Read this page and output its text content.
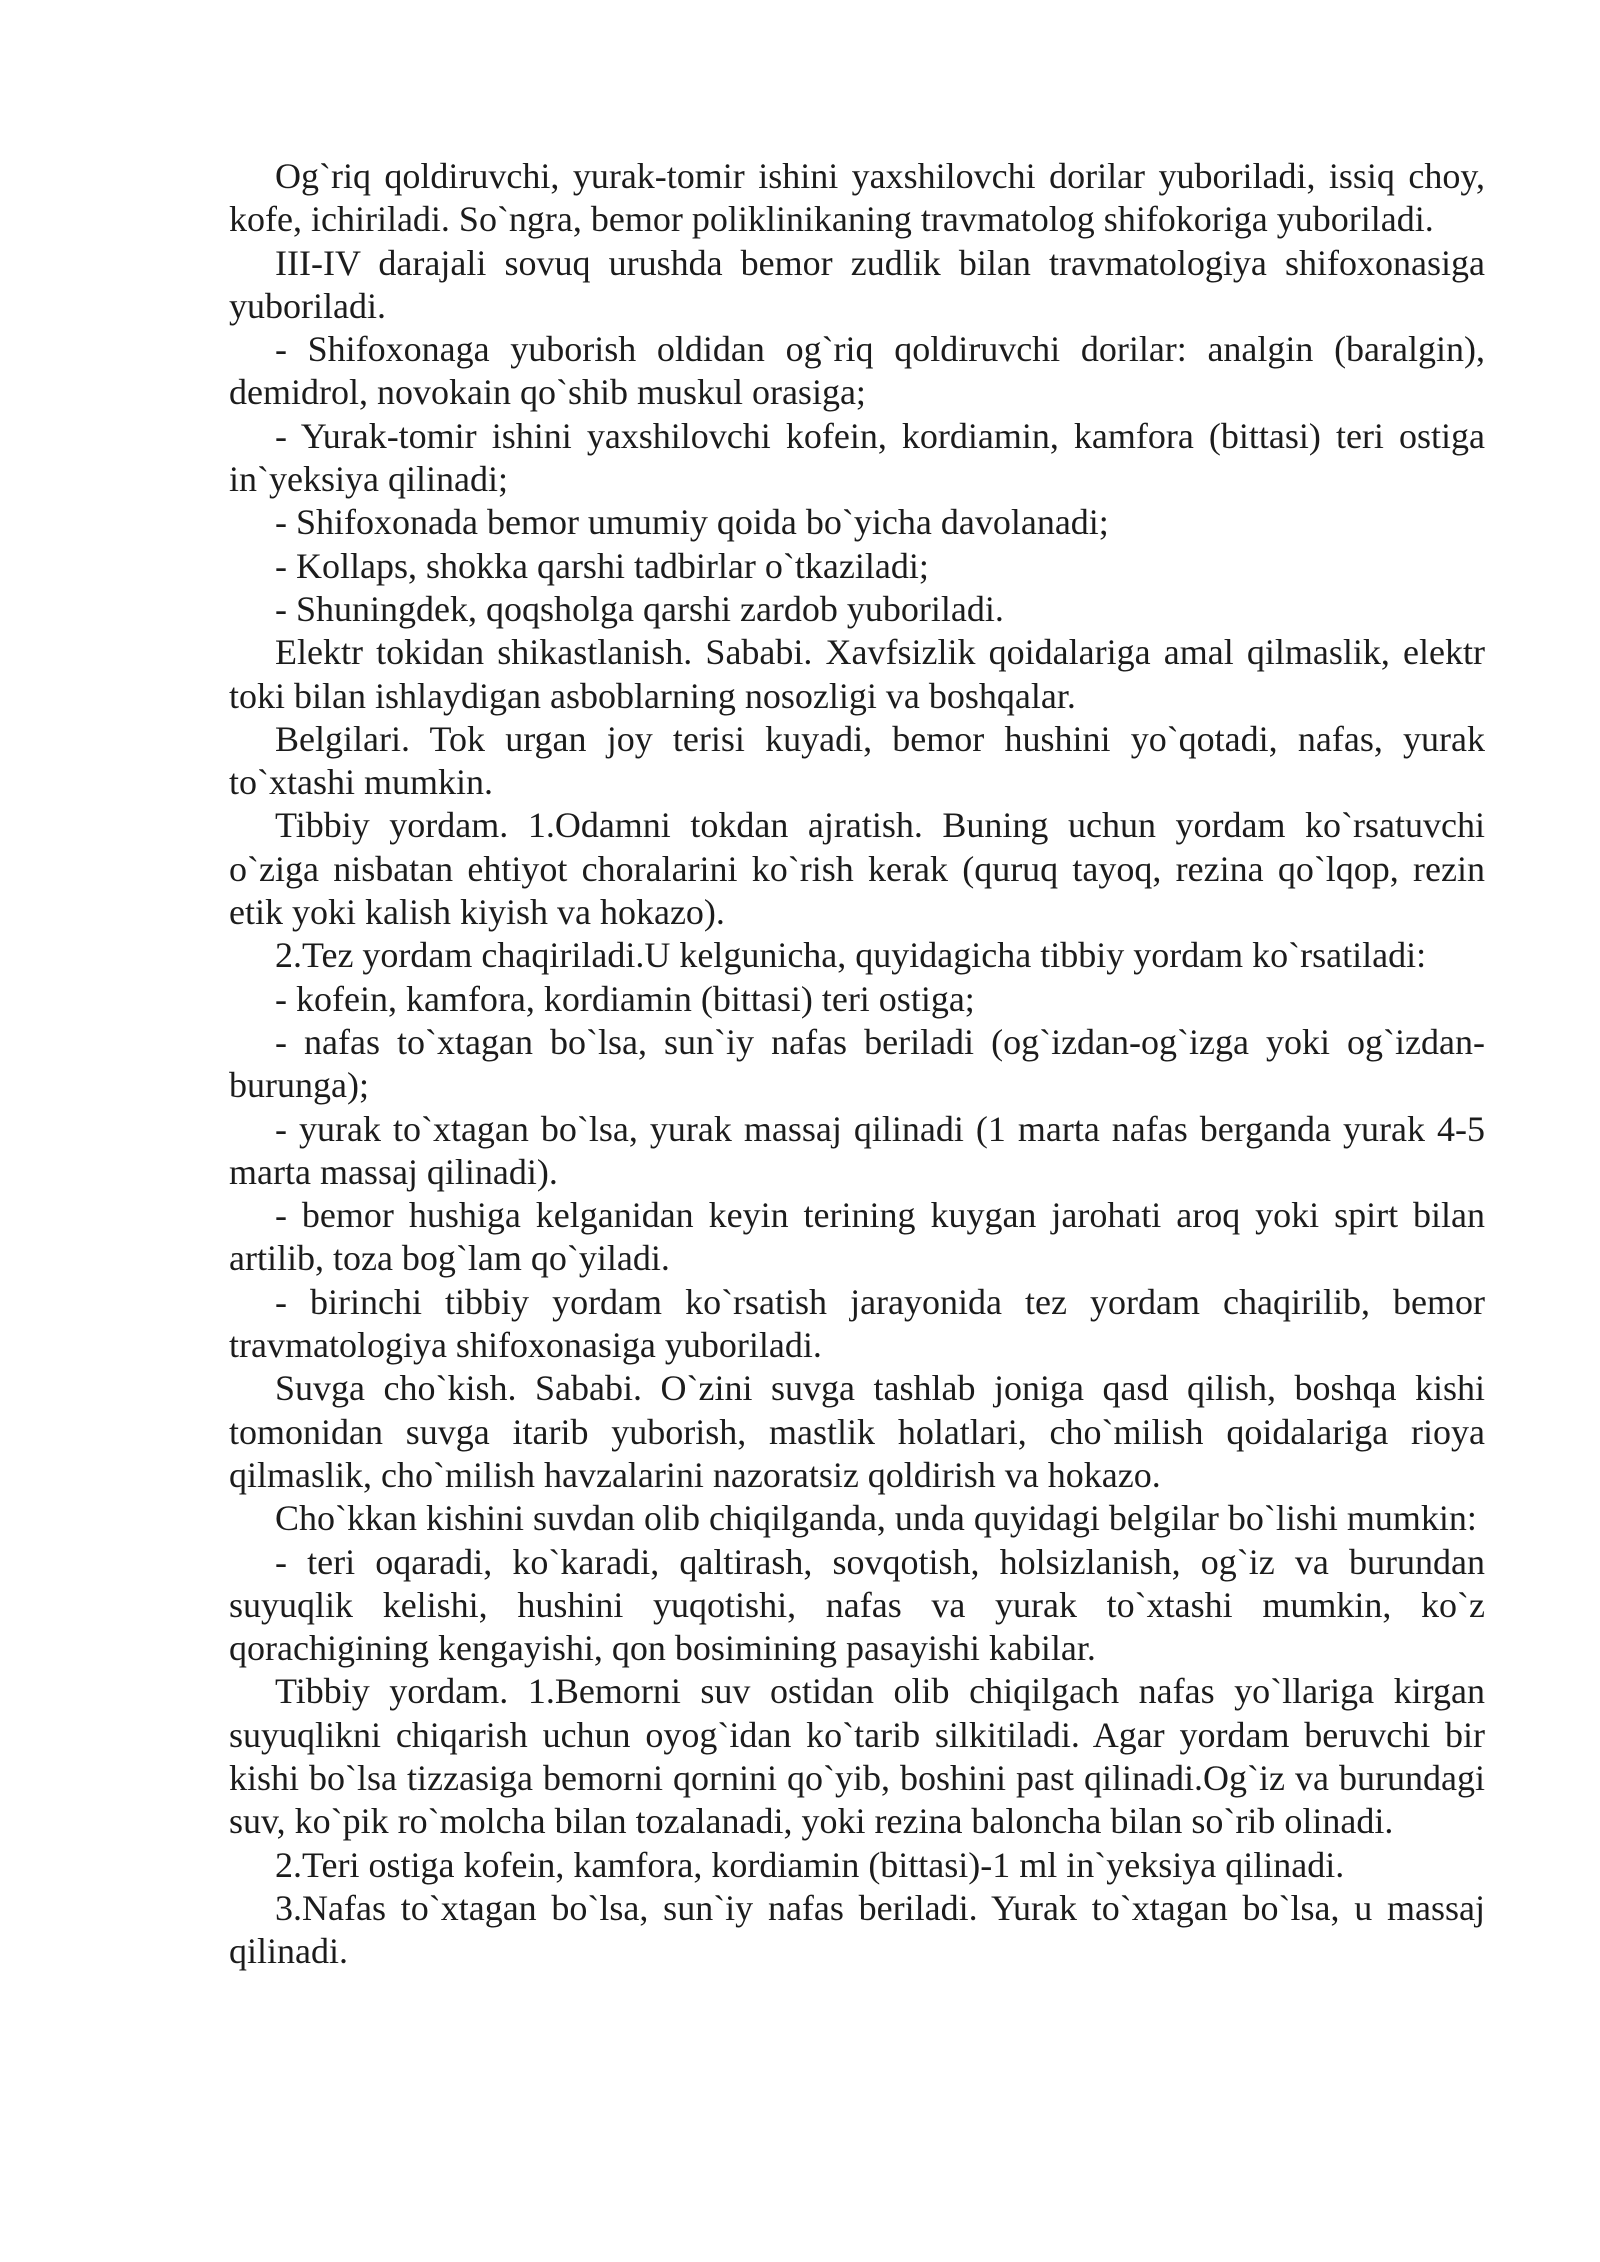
Og`riq qoldiruvchi, yurak-tomir ishini yaxshilovchi dorilar yuboriladi, issiq choy, kofe, ichiriladi. So`ngra, bemor poliklinikaning travmatolog shifokoriga yuboriladi.

III-IV darajali sovuq urushda bemor zudlik bilan travmatologiya shifoxonasiga yuboriladi.

- Shifoxonaga yuborish oldidan og`riq qoldiruvchi dorilar: analgin (baralgin), demidrol, novokain qo`shib muskul orasiga;

- Yurak-tomir ishini yaxshilovchi kofein, kordiamin, kamfora (bittasi) teri ostiga in`yeksiya qilinadi;

- Shifoxonada bemor umumiy qoida bo`yicha davolanadi;

- Kollaps, shokka qarshi tadbirlar o`tkaziladi;

- Shuningdek, qoqsholga qarshi zardob yuboriladi.

Elektr tokidan shikastlanish. Sababi. Xavfsizlik qoidalariga amal qilmaslik, elektr toki bilan ishlaydigan asboblarning nosozligi va boshqalar.

Belgilari. Tok urgan joy terisi kuyadi, bemor hushini yo`qotadi, nafas, yurak to`xtashi mumkin.

Tibbiy yordam. 1.Odamni tokdan ajratish. Buning uchun yordam ko`rsatuvchi o`ziga nisbatan ehtiyot choralarini ko`rish kerak (quruq tayoq, rezina qo`lqop, rezin etik yoki kalish kiyish va hokazo).

2.Tez yordam chaqiriladi.U kelgunicha, quyidagicha tibbiy yordam ko`rsatiladi:

- kofein, kamfora, kordiamin (bittasi) teri ostiga;

- nafas to`xtagan bo`lsa, sun`iy nafas beriladi (og`izdan-og`izga yoki og`izdan-burunga);

- yurak to`xtagan bo`lsa, yurak massaj qilinadi (1 marta nafas berganda yurak 4-5 marta massaj qilinadi).

- bemor hushiga kelganidan keyin terining kuygan jarohati aroq yoki spirt bilan artilib, toza bog`lam qo`yiladi.

- birinchi tibbiy yordam ko`rsatish jarayonida tez yordam chaqirilib, bemor travmatologiya shifoxonasiga yuboriladi.

Suvga cho`kish. Sababi. O`zini suvga tashlab joniga qasd qilish, boshqa kishi tomonidan suvga itarib yuborish, mastlik holatlari, cho`milish qoidalariga rioya qilmaslik, cho`milish havzalarini nazoratsiz qoldirish va hokazo.

Cho`kkan kishini suvdan olib chiqilganda, unda quyidagi belgilar bo`lishi mumkin:

- teri oqaradi, ko`karadi, qaltirash, sovqotish, holsizlanish, og`iz va burundan suyuqlik kelishi, hushini yuqotishi, nafas va yurak to`xtashi mumkin, ko`z qorachigining kengayishi, qon bosimining pasayishi kabilar.

Tibbiy yordam. 1.Bemorni suv ostidan olib chiqilgach nafas yo`llariga kirgan suyuqlikni chiqarish uchun oyog`idan ko`tarib silkitiladi. Agar yordam beruvchi bir kishi bo`lsa tizzasiga bemorni qornini qo`yib, boshini past qilinadi.Og`iz va burundagi suv, ko`pik ro`molcha bilan tozalanadi, yoki rezina baloncha bilan so`rib olinadi.

2.Teri ostiga kofein, kamfora, kordiamin (bittasi)-1 ml in`yeksiya qilinadi.

3.Nafas to`xtagan bo`lsa, sun`iy nafas beriladi. Yurak to`xtagan bo`lsa, u massaj qilinadi.
